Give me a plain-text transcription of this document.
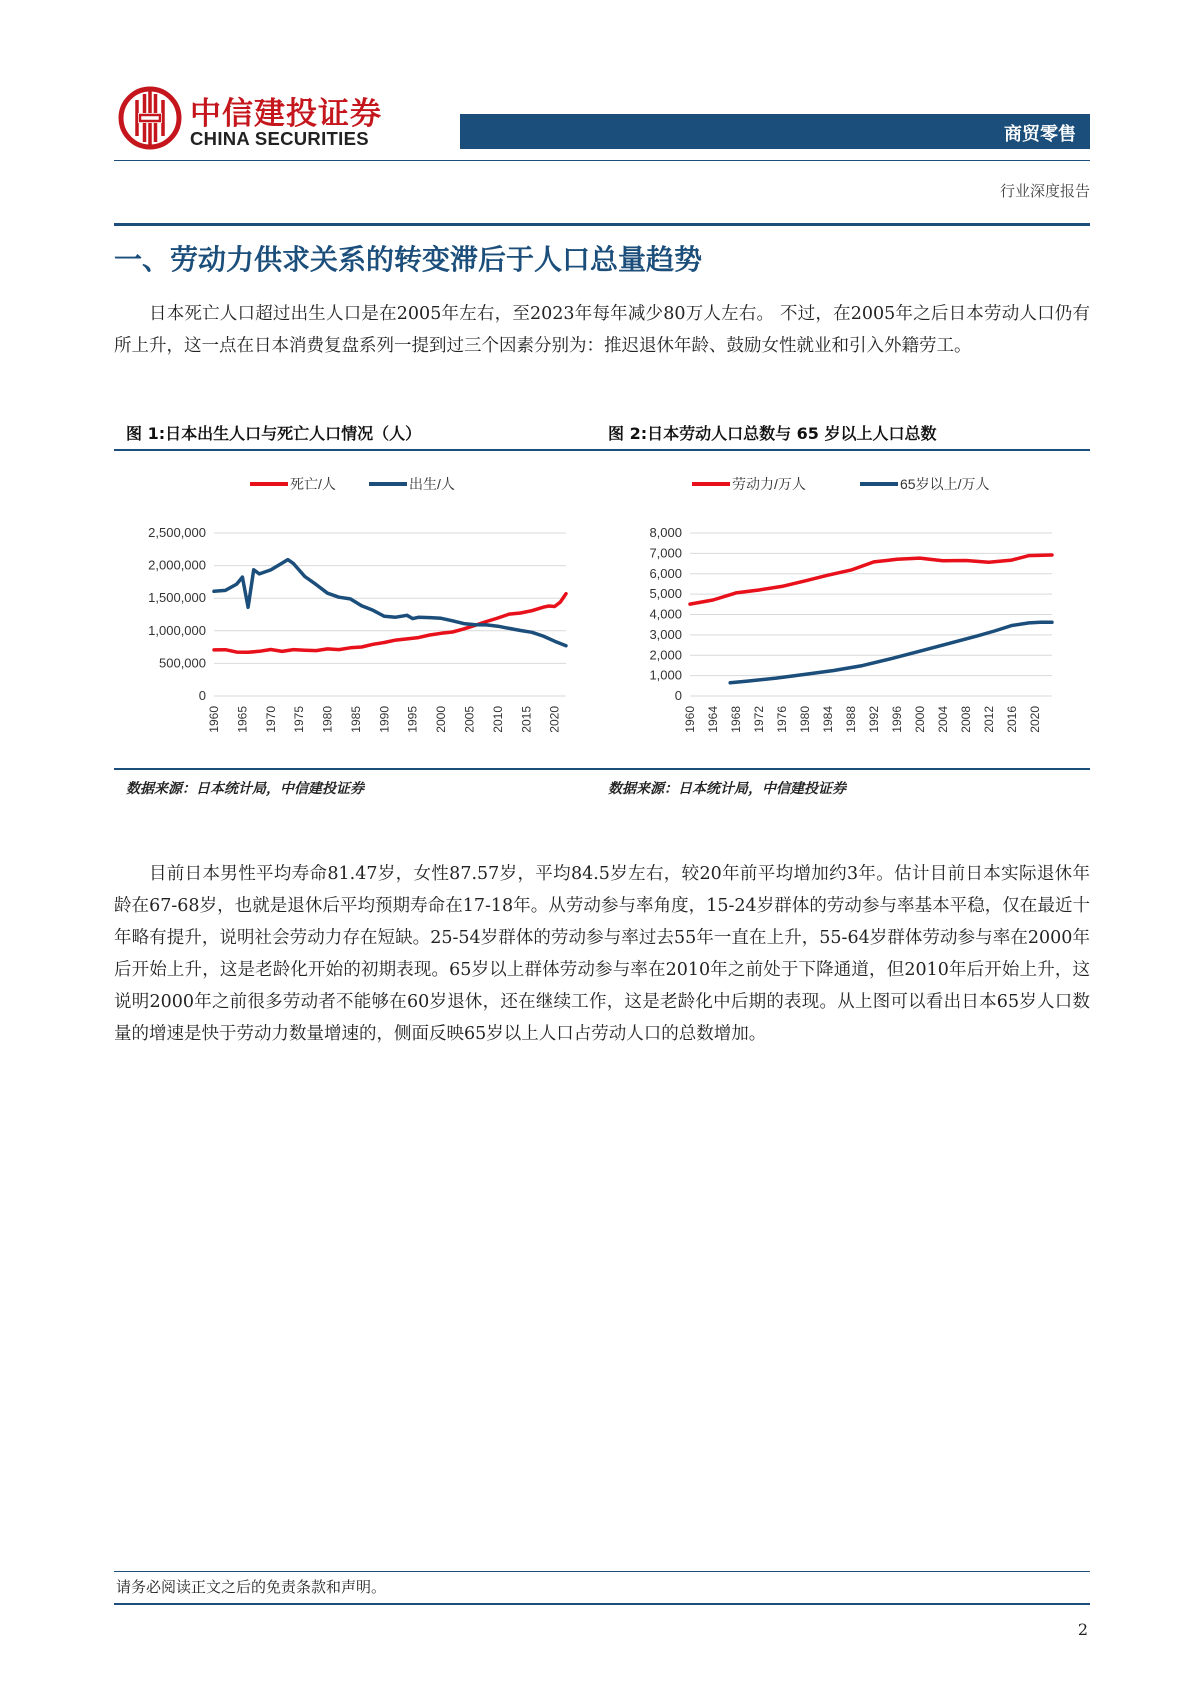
中信建投证券
CHINA SECURITIES	商贸零售
行业深度报告
一、劳动力供求关系的转变滞后于人口总量趋势
日本死亡人口超过出生人口是在2005年左右，至2023年每年减少80万人左右。 不过，在2005年之后日本劳动人口仍有所上升，这一点在日本消费复盘系列一提到过三个因素分别为：推迟退休年龄、鼓励女性就业和引入外籍劳工。
图 1:日本出生人口与死亡人口情况（人）	图 2:日本劳动人口总数与 65 岁以上人口总数
0
500,000
1,000,000
1,500,000
2,000,000
2,500,000
1960 1965 1970 1975 1980 1985 1990 1995 2000 2005 2010 2015 2020
死亡/人	出生/人
0
1,000
2,000
3,000
4,000
5,000
6,000
7,000
8,000
1960 1964 1968 1972 1976 1980 1984 1988 1992 1996 2000 2004 2008 2012 2016 2020
劳动力/万人	65岁以上/万人
数据来源：日本统计局，中信建投证券	数据来源：日本统计局，中信建投证券
目前日本男性平均寿命81.47岁，女性87.57岁，平均84.5岁左右，较20年前平均增加约3年。估计目前日本实际退休年龄在67-68岁，也就是退休后平均预期寿命在17-18年。从劳动参与率角度，15-24岁群体的劳动参与率基本平稳，仅在最近十年略有提升，说明社会劳动力存在短缺。25-54岁群体的劳动参与率过去55年一直在上升，55-64岁群体劳动参与率在2000年后开始上升，这是老龄化开始的初期表现。65岁以上群体劳动参与率在2010年之前处于下降通道，但2010年后开始上升，这说明2000年之前很多劳动者不能够在60岁退休，还在继续工作，这是老龄化中后期的表现。从上图可以看出日本65岁人口数量的增速是快于劳动力数量增速的，侧面反映65岁以上人口占劳动人口的总数增加。
请务必阅读正文之后的免责条款和声明。
2
